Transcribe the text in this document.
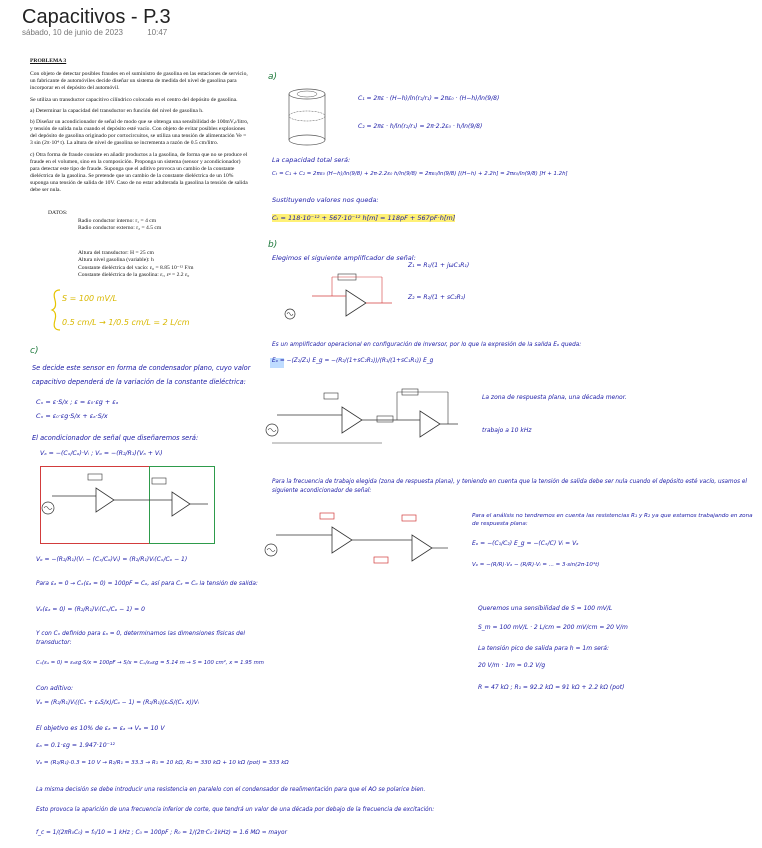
Capacitivos - P.3
sábado, 10 de junio de 2023	10:47

PROBLEMA 3

Con objeto de detectar posibles fraudes en el suministro de gasolina en las estaciones de servicio, un fabricante de automóviles decide diseñar un sistema de medida del nivel de gasolina para incorporar en el depósito del automóvil.

Se utiliza un transductor capacitivo cilíndrico colocado en el centro del depósito de gasolina.

a) Determinar la capacidad del transductor en función del nivel de gasolina h.

b) Diseñar un acondicionador de señal de modo que se obtenga una sensibilidad de 100mVₑₗ/litro, y tensión de salida nula cuando el depósito esté vacío. Con objeto de evitar posibles explosiones del depósito de gasolina originado por cortocircuitos, se utiliza una tensión de alimentación Ve = 3 sin (2π·10⁴ t). La altura de nivel de gasolina se incrementa a razón de 0.5 cm/litro.

c) Otra forma de fraude consiste en añadir productos a la gasolina, de forma que no se produce el fraude en el volumen, sino en la composición. Proponga un sistema (sensor y acondicionador) para detectar este tipo de fraude. Suponga que el aditivo provoca un cambio de la constante dieléctrica de la gasolina. Se pretende que un cambio de la constante dieléctrica de un 10% suponga una tensión de salida de 10V. Caso de no estar adulterada la gasolina la tensión de salida debe ser nula.

DATOS:
Radio conductor interno: r₁ = 4 cm
Radio conductor externo: r₂ = 4.5 cm
Altura del transductor: H = 25 cm
Altura nivel gasolina (variable): h
Constante dieléctrica del vacío: ε₀ = 8.85 10⁻¹² F/m
Constante dieléctrica de la gasolina: εᵣ, εᵍ = 2.2 ε₀
S = 100 mV/L
0.5 cm/L → 1/0.5 cm/L = 2 L/cm
a)
C₁ = 2πε · (H−h)/ln(r₂/r₁) = 2πε₀ · (H−h)/ln(9/8)
C₂ = 2πε · h/ln(r₂/r₁) = 2π·2.2ε₀ · h/ln(9/8)
La capacidad total será:
Cₜ = C₁ + C₂ = 2πε₀ (H−h)/ln(9/8) + 2π·2.2ε₀ h/ln(9/8) = 2πε₀/ln(9/8) [(H−h) + 2.2h] = 2πε₀/ln(9/8) [H + 1.2h]
Sustituyendo valores nos queda:
Cₜ = 118·10⁻¹² + 567·10⁻¹² h[m] = 118pF + 567pF·h[m]
b)
Elegimos el siguiente amplificador de señal:
Z₁ = R₁/(1 + jωC₁R₁)
Z₂ = R₂/(1 + sC₂R₂)
Es un amplificador operacional en configuración de inversor, por lo que la expresión de la salida Eₒ queda:
Eₒ = −(Z₂/Z₁) E_g = −(R₂/(1+sC₂R₂))/(R₁/(1+sC₁R₁)) E_g
La zona de respuesta plana, una década menor.
trabajo a 10 kHz
Para la frecuencia de trabajo elegida (zona de respuesta plana), y teniendo en cuenta que la tensión de salida debe ser nula cuando el depósito esté vacío, usamos el siguiente acondicionador de señal:
Para el análisis no tendremos en cuenta las resistencias R₁ y R₂ ya que estamos trabajando en zona de respuesta plana:
Eₒ = −(C₁/C₂) E_g = −(Cₓ/C) Vᵢ = Vₐ
Vₒ = −(R/R)·Vₐ − (R/R)·Vᵢ = ... = 3·sin(2π·10⁴t)
Queremos una sensibilidad de S = 100 mV/L
S_m = 100 mV/L · 2 L/cm = 200 mV/cm = 20 V/m
La tensión pico de salida para h = 1m será:
20 V/m · 1m = 0.2 V/g
R = 47 kΩ ; R₁ = 92.2 kΩ = 91 kΩ + 2.2 kΩ (pot)
c)
Se decide este sensor en forma de condensador plano, cuyo valor
capacitivo dependerá de la variación de la constante dieléctrica:
Cₓ = ε·S/x ; ε = ε₀·εg + εₐ
Cₓ = ε₀·εg·S/x + εₐ·S/x
El acondicionador de señal que diseñaremos será:
Vₐ = −(Cₓ/Cₒ)·Vᵢ ; Vₒ = −(R₂/R₁)(Vₐ + Vᵢ)
Vₒ = −(R₂/R₁)(Vᵢ − (Cₓ/Cₒ)Vᵢ) = (R₂/R₁)Vᵢ(Cₓ/Cₒ − 1)
Para εₐ = 0 → Cₓ(εₐ = 0) = 100pF = Cₒ, así para Cₓ = Cₒ la tensión de salida:
Vₒ(εₐ = 0) = (R₂/R₁)Vᵢ(Cₓ/Cₒ − 1) = 0
Y con Cₓ definido para εₐ = 0, determinamos las dimensiones físicas del transductor:
Cₓ(εₐ = 0) = ε₀εg·S/x = 100pF → S/x = Cₒ/ε₀εg = 5.14 m → S = 100 cm², x = 1.95 mm
Con aditivo:
Vₒ = (R₂/R₁)Vᵢ((Cₓ + εₐS/x)/Cₒ − 1) = (R₂/R₁)(εₐS/(Cₒ x))Vᵢ
El objetivo es 10% de εₐ = εₐ → Vₒ = 10 V
εₐ = 0.1·εg = 1.947·10⁻¹²
Vₒ = (R₂/R₁)·0.3 = 10 V → R₂/R₁ = 33.3 → R₁ = 10 kΩ, R₂ = 330 kΩ + 10 kΩ (pot) = 333 kΩ
La misma decisión se debe introducir una resistencia en paralelo con el condensador de realimentación para que el AO se polarice bien.
Esto provoca la aparición de una frecuencia inferior de corte, que tendrá un valor de una década por debajo de la frecuencia de excitación:
f_c = 1/(2πR₀C₀) = f₀/10 = 1 kHz ; C₀ = 100pF ; R₀ = 1/(2π·C₀·1kHz) = 1.6 MΩ ≈ mayor
